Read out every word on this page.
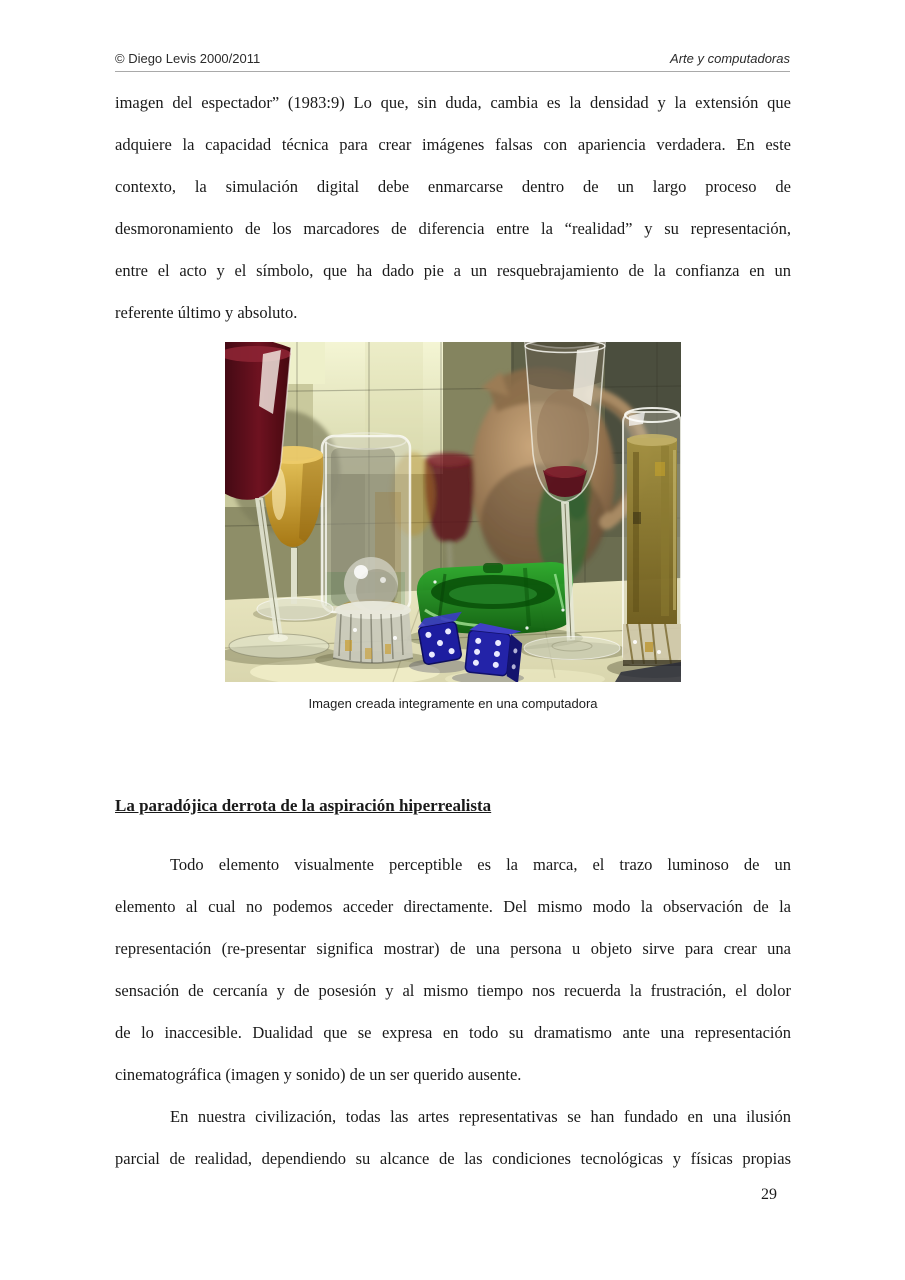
© Diego Levis 2000/2011	Arte y computadoras
imagen del espectador” (1983:9) Lo que, sin duda, cambia es la densidad y la extensión que
adquiere la capacidad técnica para crear imágenes falsas con apariencia verdadera. En este
contexto, la simulación digital debe enmarcarse dentro de un largo proceso de
desmoronamiento de los marcadores de diferencia entre la “realidad” y su representación,
entre el acto y el símbolo, que ha dado pie a un resquebrajamiento de la confianza en un
referente último y absoluto.
Imagen creada integramente en una computadora
La paradójica derrota de la aspiración hiperrealista
Todo elemento visualmente perceptible es la marca, el trazo luminoso de un
elemento al cual no podemos acceder directamente. Del mismo modo la observación de la
representación (re-presentar significa mostrar) de una persona u objeto sirve para crear una
sensación de cercanía y de posesión y al mismo tiempo nos recuerda la frustración, el dolor
de lo inaccesible. Dualidad que se expresa en todo su dramatismo ante una representación
cinematográfica (imagen y sonido) de un ser querido ausente.
En nuestra civilización, todas las artes representativas se han fundado en una ilusión
parcial de realidad, dependiendo su alcance de las condiciones tecnológicas y físicas propias
29
